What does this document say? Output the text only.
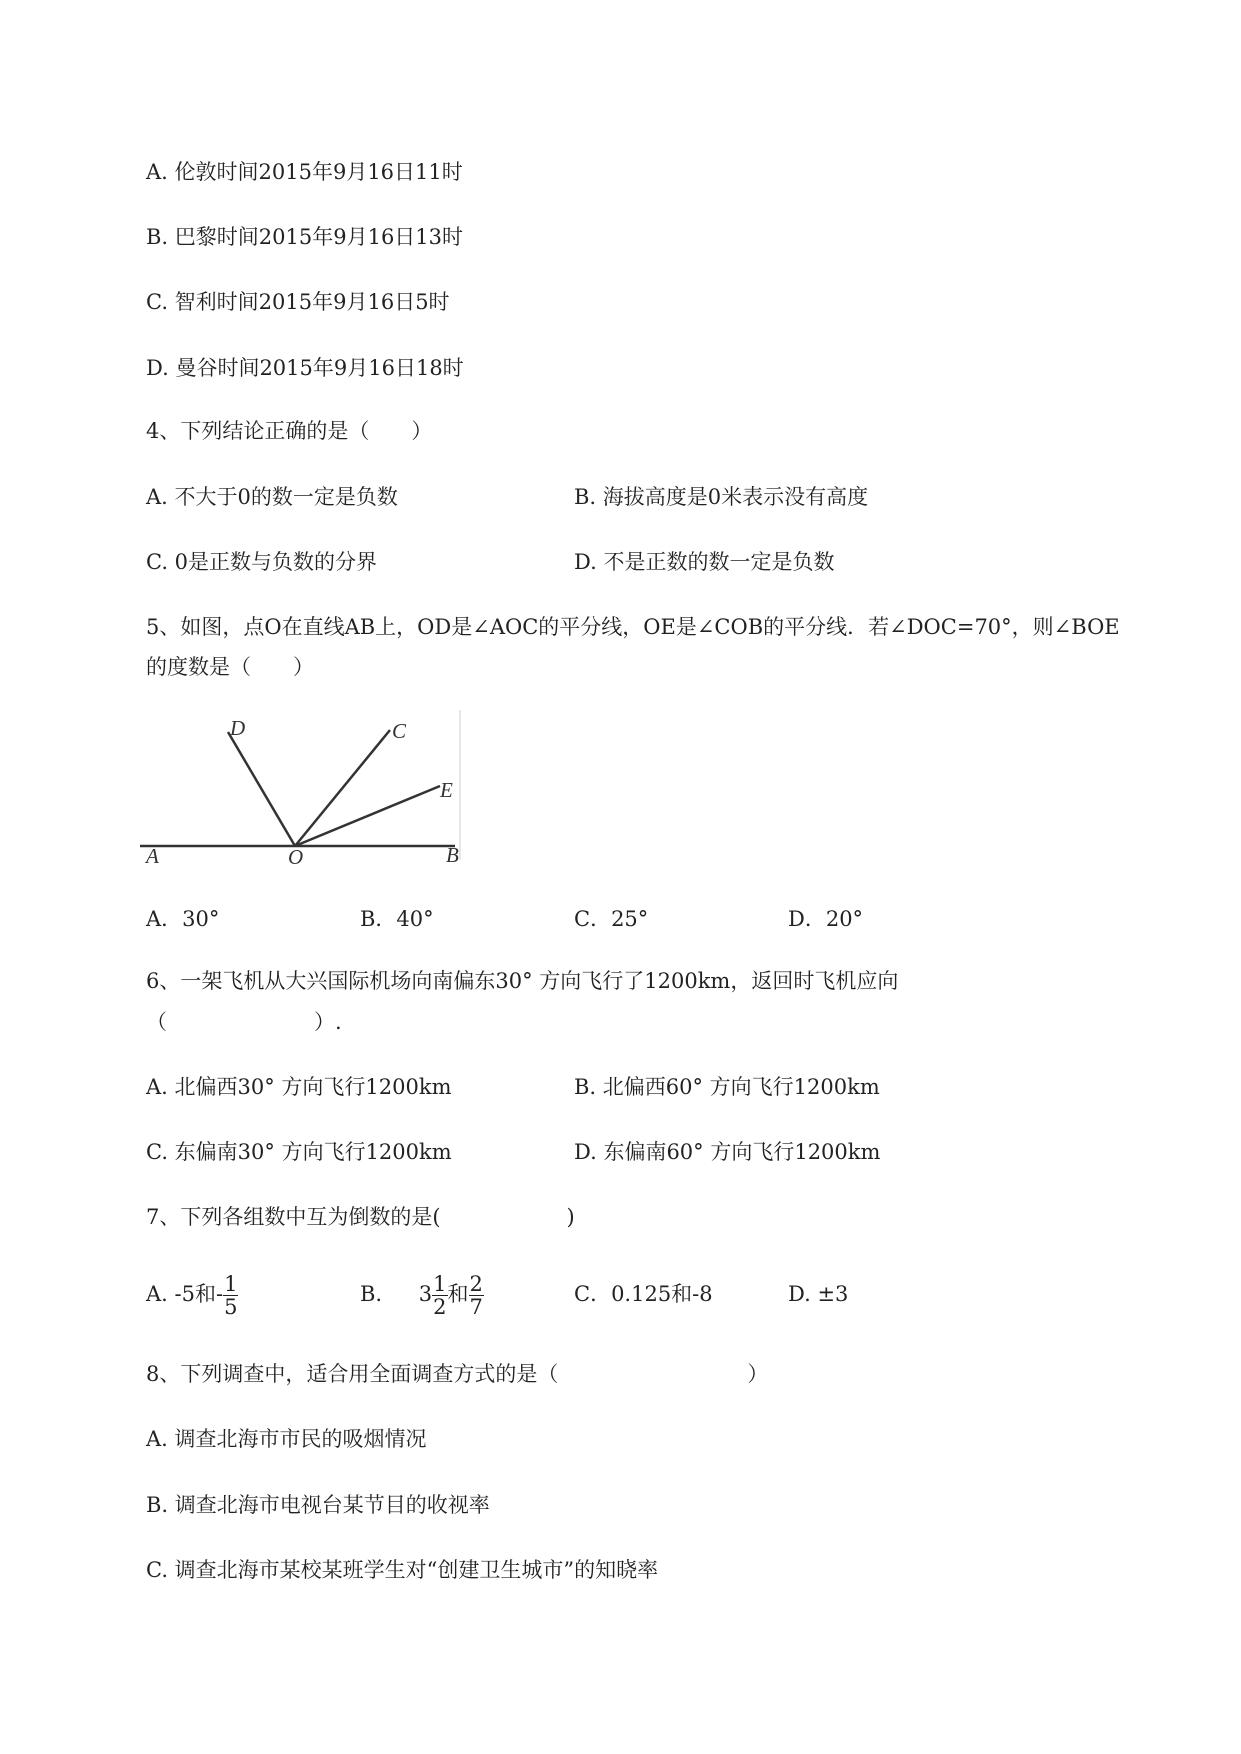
A. 伦敦时间2015年9月16日11时
B. 巴黎时间2015年9月16日13时
C. 智利时间2015年9月16日5时
D. 曼谷时间2015年9月16日18时
4、下列结论正确的是（　　）
A. 不大于0的数一定是负数	B. 海拔高度是0米表示没有高度
C. 0是正数与负数的分界	D. 不是正数的数一定是负数
5、如图，点O在直线AB上，OD是∠AOC的平分线，OE是∠COB的平分线．若∠DOC=70°，则∠BOE
的度数是（　　）
A	O	B
C
D
E
A．30°	B．40°	C．25°	D．20°
6、一架飞机从大兴国际机场向南偏东30° 方向飞行了1200km，返回时飞机应向
（　　　　　　　）.
A. 北偏西30° 方向飞行1200km	B. 北偏西60° 方向飞行1200km
C. 东偏南30° 方向飞行1200km	D. 东偏南60° 方向飞行1200km
7、下列各组数中互为倒数的是(　　　　　　)
A. -5和- $\frac{1}{5}$	B. $3 \frac{1}{2}$ 和 $\frac{2}{7}$	C．0.125和-8	D. ±3
8、下列调查中，适合用全面调查方式的是（　　　　　　　　　）
A. 调查北海市市民的吸烟情况
B. 调查北海市电视台某节目的收视率
C. 调查北海市某校某班学生对“创建卫生城市”的知晓率
